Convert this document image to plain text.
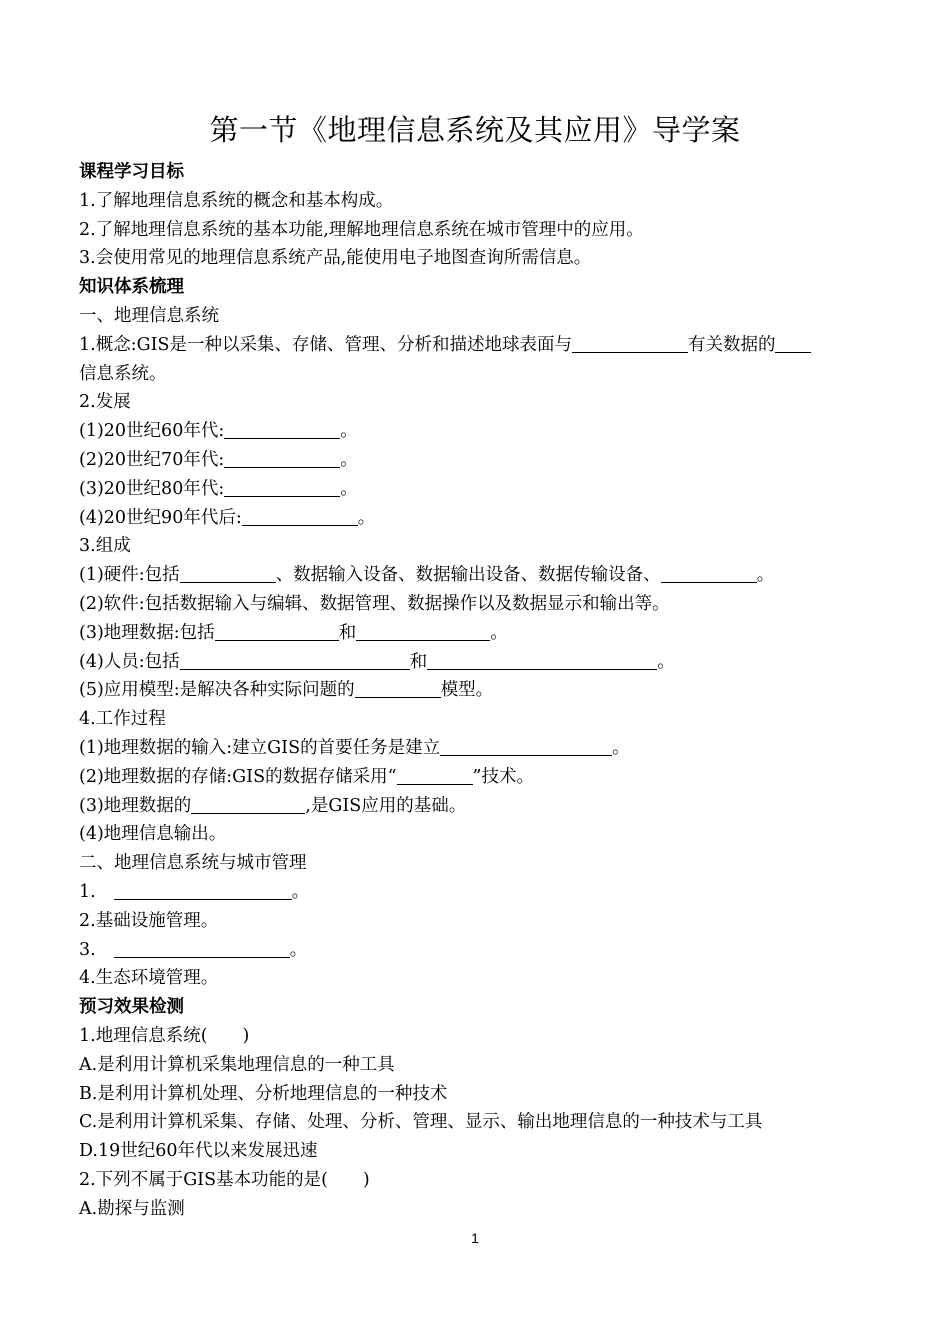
第一节《地理信息系统及其应用》导学案
课程学习目标
1.了解地理信息系统的概念和基本构成。
2.了解地理信息系统的基本功能,理解地理信息系统在城市管理中的应用。
3.会使用常见的地理信息系统产品,能使用电子地图查询所需信息。
知识体系梳理
一、地理信息系统
1.概念:GIS是一种以采集、存储、管理、分析和描述地球表面与	有关数据的
信息系统。
2.发展
(1)20世纪60年代:	。
(2)20世纪70年代:	。
(3)20世纪80年代:	。
(4)20世纪90年代后:	。
3.组成
(1)硬件:包括	、数据输入设备、数据输出设备、数据传输设备、	。
(2)软件:包括数据输入与编辑、数据管理、数据操作以及数据显示和输出等。
(3)地理数据:包括	和	。
(4)人员:包括	和	。
(5)应用模型:是解决各种实际问题的	模型。
4.工作过程
(1)地理数据的输入:建立GIS的首要任务是建立	。
(2)地理数据的存储:GIS的数据存储采用“	”技术。
(3)地理数据的	,是GIS应用的基础。
(4)地理信息输出。
二、地理信息系统与城市管理
1.	。
2.基础设施管理。
3.	。
4.生态环境管理。
预习效果检测
1.地理信息系统(　　)
A.是利用计算机采集地理信息的一种工具
B.是利用计算机处理、分析地理信息的一种技术
C.是利用计算机采集、存储、处理、分析、管理、显示、输出地理信息的一种技术与工具
D.19世纪60年代以来发展迅速
2.下列不属于GIS基本功能的是(　　)
A.勘探与监测
1
